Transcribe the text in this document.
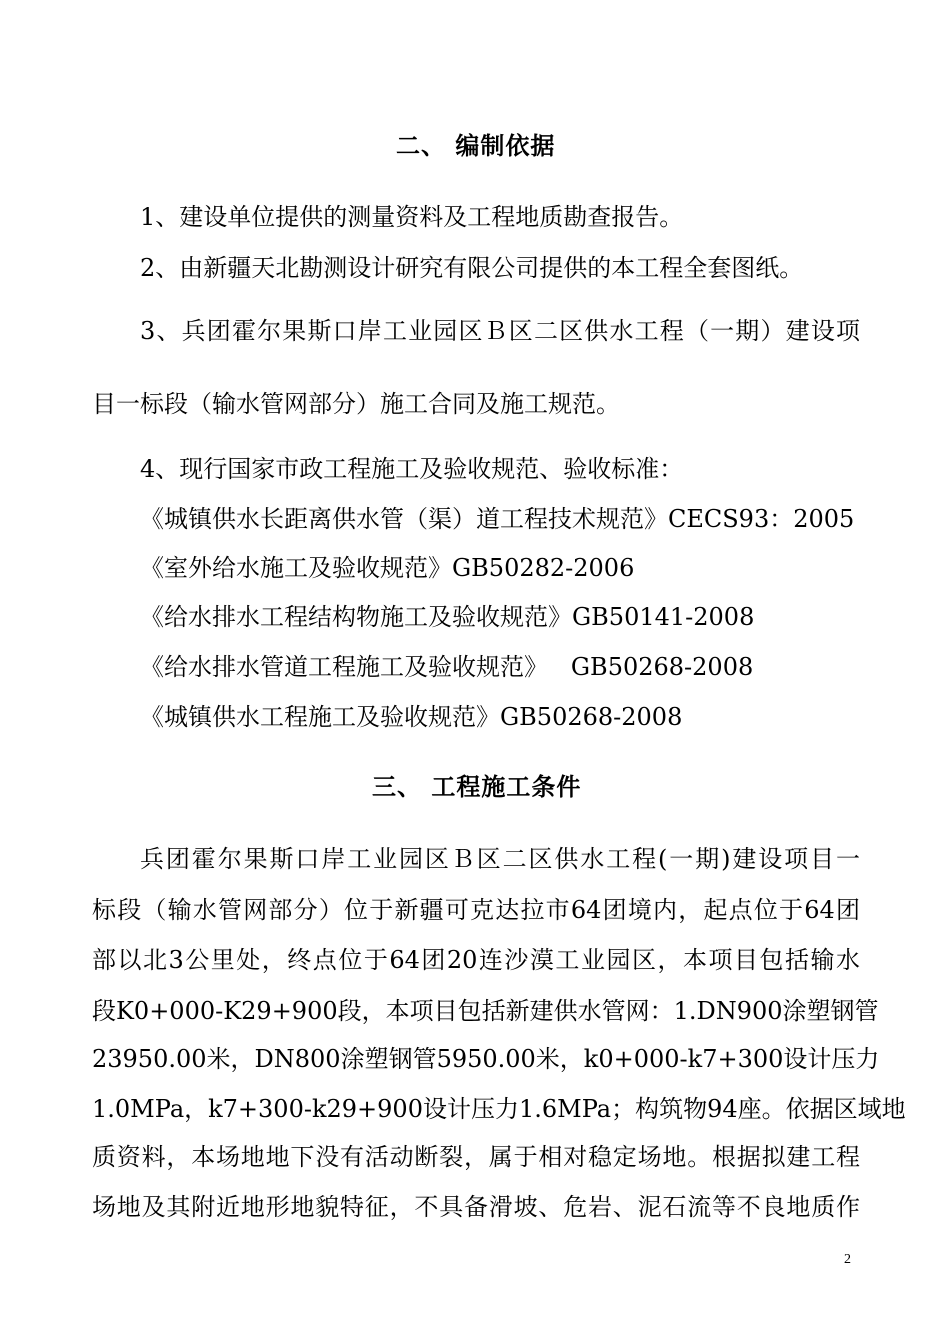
二、 编制依据
1、建设单位提供的测量资料及工程地质勘查报告。
2、由新疆天北勘测设计研究有限公司提供的本工程全套图纸。
3、兵团霍尔果斯口岸工业园区Ｂ区二区供水工程（一期）建设项
目一标段（输水管网部分）施工合同及施工规范。
4、现行国家市政工程施工及验收规范、验收标准：
《城镇供水长距离供水管（渠）道工程技术规范》CECS93：2005
《室外给水施工及验收规范》GB50282-2006
《给水排水工程结构物施工及验收规范》GB50141-2008
《给水排水管道工程施工及验收规范》   GB50268-2008
《城镇供水工程施工及验收规范》GB50268-2008
三、 工程施工条件
兵团霍尔果斯口岸工业园区Ｂ区二区供水工程(一期)建设项目一
标段（输水管网部分）位于新疆可克达拉市64团境内，起点位于64团
部以北3公里处，终点位于64团20连沙漠工业园区，本项目包括输水
段K0+000-K29+900段，本项目包括新建供水管网：1.DN900涂塑钢管
23950.00米，DN800涂塑钢管5950.00米，k0+000-k7+300设计压力
1.0MPa，k7+300-k29+900设计压力1.6MPa；构筑物94座。依据区域地
质资料，本场地地下没有活动断裂，属于相对稳定场地。根据拟建工程
场地及其附近地形地貌特征，不具备滑坡、危岩、泥石流等不良地质作
2
